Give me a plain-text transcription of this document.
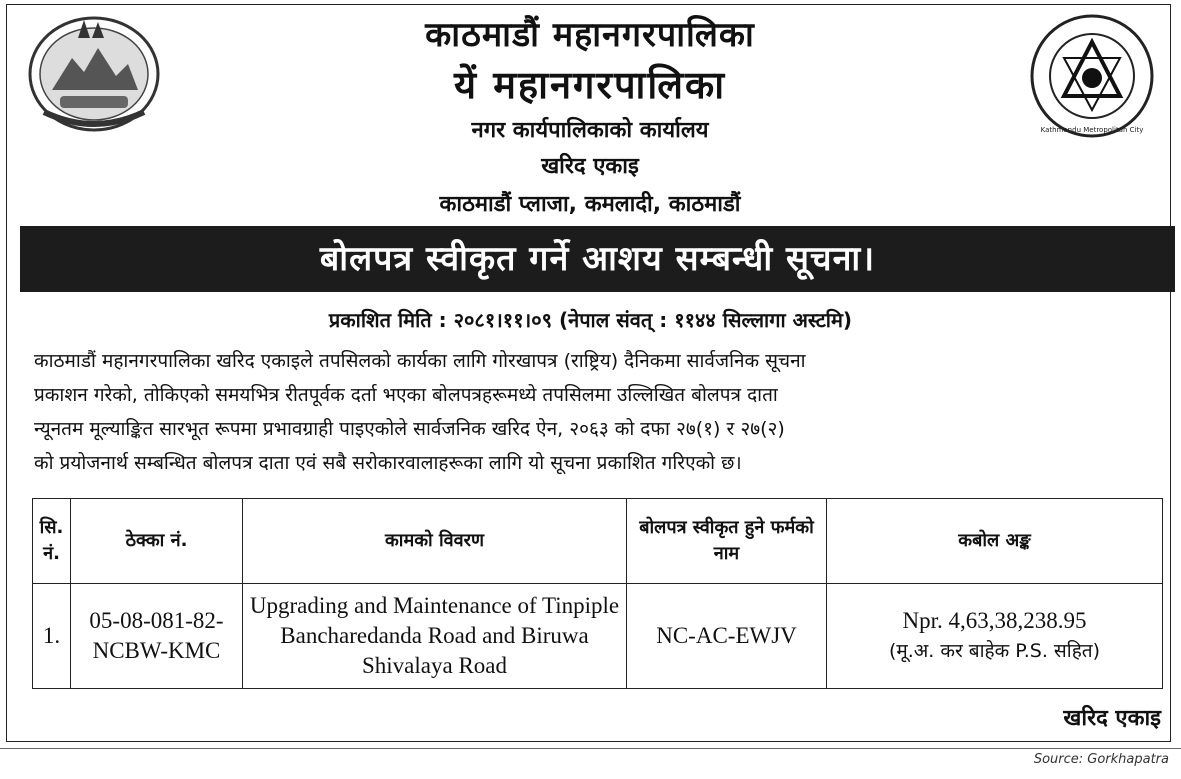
Kathmandu Metropolitan City
काठमाडौं महानगरपालिका
यें महानगरपालिका
नगर कार्यपालिकाको कार्यालय
खरिद एकाइ
काठमाडौं प्लाजा, कमलादी, काठमाडौं
बोलपत्र स्वीकृत गर्ने आशय सम्बन्धी सूचना।
प्रकाशित मिति : २०८१।११।०९ (नेपाल संवत् : ११४४ सिल्लागा अस्टमि)
काठमाडौं महानगरपालिका खरिद एकाइले तपसिलको कार्यका लागि गोरखापत्र (राष्ट्रिय) दैनिकमा सार्वजनिक सूचना
प्रकाशन गरेको, तोकिएको समयभित्र रीतपूर्वक दर्ता भएका बोलपत्रहरूमध्ये तपसिलमा उल्लिखित बोलपत्र दाता
न्यूनतम मूल्याङ्कित सारभूत रूपमा प्रभावग्राही पाइएकोले सार्वजनिक खरिद ऐन, २०६३ को दफा २७(१) र २७(२)
को प्रयोजनार्थ सम्बन्धित बोलपत्र दाता एवं सबै सरोकारवालाहरूका लागि यो सूचना प्रकाशित गरिएको छ।
सि. नं.	ठेक्का नं.	कामको विवरण	बोलपत्र स्वीकृत हुने फर्मको नाम	कबोल अङ्क
1.	05-08-081-82-NCBW-KMC	Upgrading and Maintenance of Tinpiple Bancharedanda Road and Biruwa Shivalaya Road	NC-AC-EWJV	Npr. 4,63,38,238.95
(मू.अ. कर बाहेक P.S. सहित)
खरिद एकाइ
Source: Gorkhapatra
